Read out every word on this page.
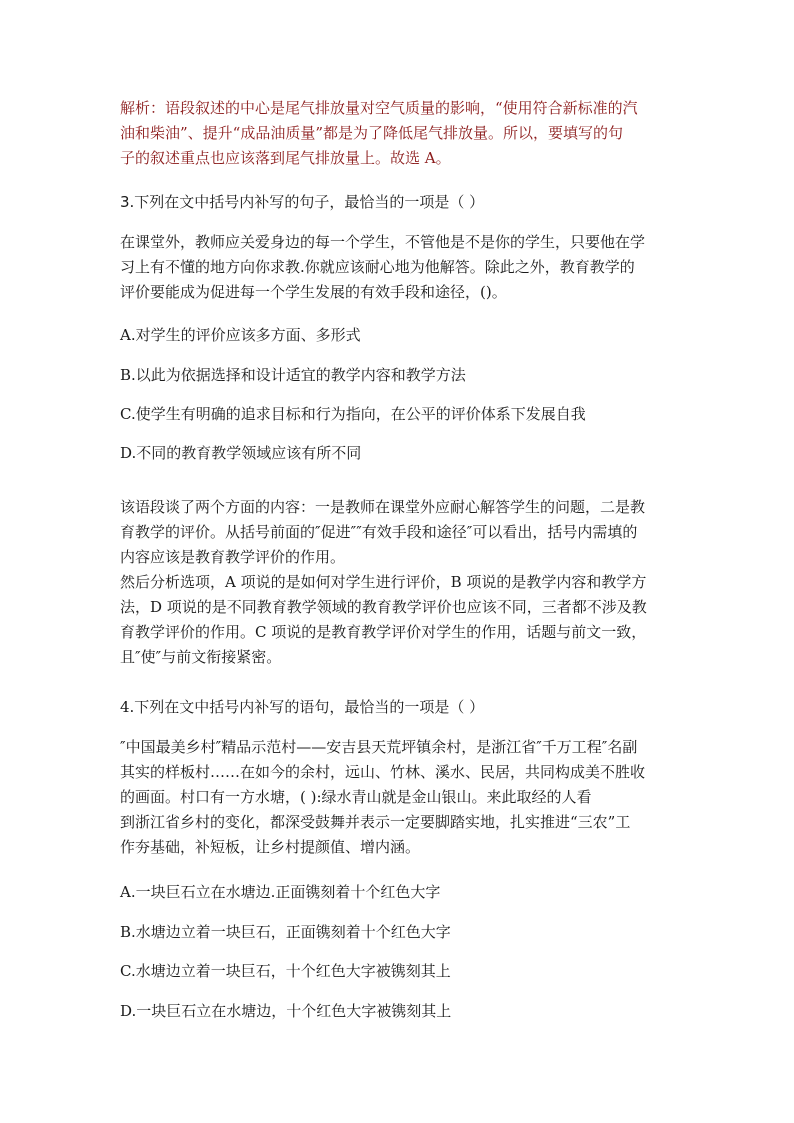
解析：语段叙述的中心是尾气排放量对空气质量的影响，“使用符合新标准的汽
油和柴油”、提升“成品油质量”都是为了降低尾气排放量。所以，要填写的句
子的叙述重点也应该落到尾气排放量上。故选 A。
3.下列在文中括号内补写的句子，最恰当的一项是（ ）
在课堂外，教师应关爱身边的每一个学生，不管他是不是你的学生，只要他在学
习上有不懂的地方向你求教.你就应该耐心地为他解答。除此之外，教育教学的
评价要能成为促进每一个学生发展的有效手段和途径，()。
A.对学生的评价应该多方面、多形式
B.以此为依据选择和设计适宜的教学内容和教学方法
C.使学生有明确的追求目标和行为指向，在公平的评价体系下发展自我
D.不同的教育教学领域应该有所不同
该语段谈了两个方面的内容：一是教师在课堂外应耐心解答学生的问题，二是教
育教学的评价。从括号前面的″促进″″有效手段和途径″可以看出，括号内需填的
内容应该是教育教学评价的作用。
然后分析选项，A 项说的是如何对学生进行评价，B 项说的是教学内容和教学方
法，D 项说的是不同教育教学领域的教育教学评价也应该不同，三者都不涉及教
育教学评价的作用。C 项说的是教育教学评价对学生的作用，话题与前文一致，
且″使″与前文衔接紧密。
4.下列在文中括号内补写的语句，最恰当的一项是（ ）
″中国最美乡村″精品示范村——安吉县天荒坪镇余村，是浙江省″千万工程″名副
其实的样板村……在如今的余村，远山、竹林、溪水、民居，共同构成美不胜收
的画面。村口有一方水塘，( ):绿水青山就是金山银山。来此取经的人看
到浙江省乡村的变化，都深受鼓舞并表示一定要脚踏实地，扎实推进“三农”工
作夯基础，补短板，让乡村提颜值、增内涵。
A.一块巨石立在水塘边.正面镌刻着十个红色大字
B.水塘边立着一块巨石，正面镌刻着十个红色大字
C.水塘边立着一块巨石，十个红色大字被镌刻其上
D.一块巨石立在水塘边，十个红色大字被镌刻其上
